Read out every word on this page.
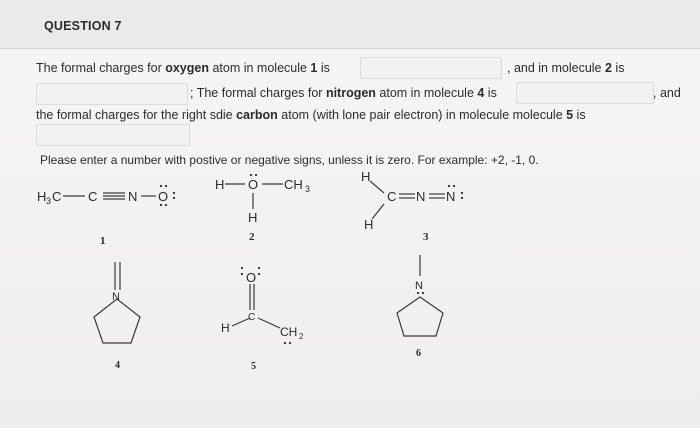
QUESTION 7
The formal charges for oxygen atom in molecule 1 is	, and in molecule 2 is
; The formal charges for nitrogen atom in molecule 4 is	, and
the formal charges for the right sdie carbon atom (with lone pair electron) in molecule molecule 5 is
Please enter a number with postive or negative signs, unless it is zero. For example: +2, -1, 0.
H 3 C C N O
1
H O CH 3
H
2
H
H
C N N
3
N
4
O
C
H	CH 2
5
N
6
